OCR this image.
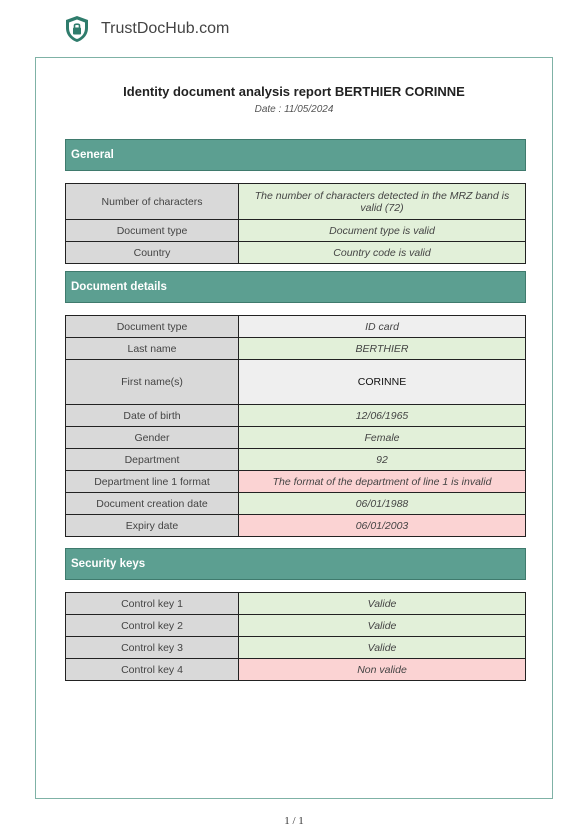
TrustDocHub.com
Identity document analysis report BERTHIER CORINNE
Date : 11/05/2024
General
Number of characters	The number of characters detected in the MRZ band is valid (72)
Document type	Document type is valid
Country	Country code is valid
Document details
Document type	ID card
Last name	BERTHIER
First name(s)	CORINNE
Date of birth	12/06/1965
Gender	Female
Department	92
Department line 1 format	The format of the department of line 1 is invalid
Document creation date	06/01/1988
Expiry date	06/01/2003
Security keys
Control key 1	Valide
Control key 2	Valide
Control key 3	Valide
Control key 4	Non valide
1 / 1
